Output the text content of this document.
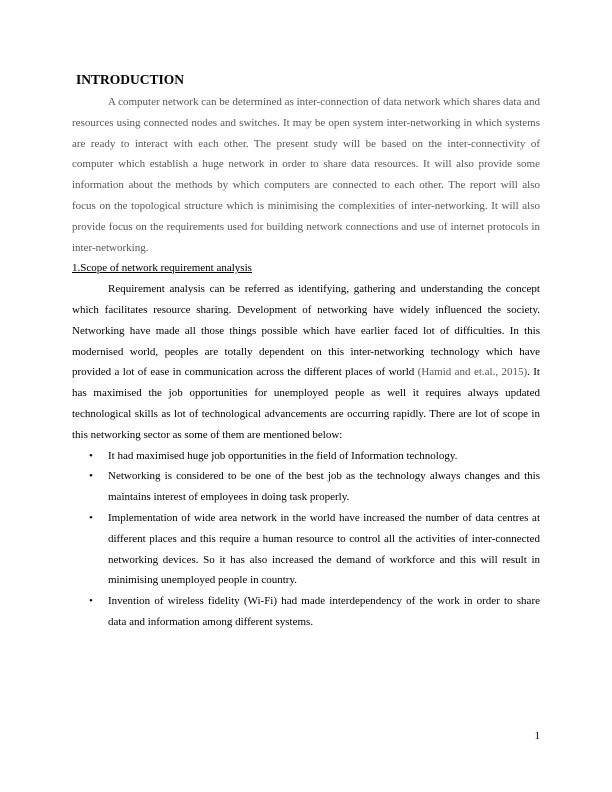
INTRODUCTION

A computer network can be determined as inter-connection of data network which shares data and resources using connected nodes and switches. It may be open system inter-networking in which systems are ready to interact with each other. The present study will be based on the inter-connectivity of computer which establish a huge network in order to share data resources. It will also provide some information about the methods by which computers are connected to each other. The report will also focus on the topological structure which is minimising the complexities of inter-networking. It will also provide focus on the requirements used for building network connections and use of internet protocols in inter-networking.

1.Scope of network requirement analysis

Requirement analysis can be referred as identifying, gathering and understanding the concept which facilitates resource sharing. Development of networking have widely influenced the society. Networking have made all those things possible which have earlier faced lot of difficulties. In this modernised world, peoples are totally dependent on this inter-networking technology which have provided a lot of ease in communication across the different places of world (Hamid and et.al., 2015). It has maximised the job opportunities for unemployed people as well it requires always updated technological skills as lot of technological advancements are occurring rapidly. There are lot of scope in this networking sector as some of them are mentioned below:

• It had maximised huge job opportunities in the field of Information technology.
• Networking is considered to be one of the best job as the technology always changes and this maintains interest of employees in doing task properly.
• Implementation of wide area network in the world have increased the number of data centres at different places and this require a human resource to control all the activities of inter-connected networking devices. So it has also increased the demand of workforce and this will result in minimising unemployed people in country.
• Invention of wireless fidelity (Wi-Fi) had made interdependency of the work in order to share data and information among different systems.
1
